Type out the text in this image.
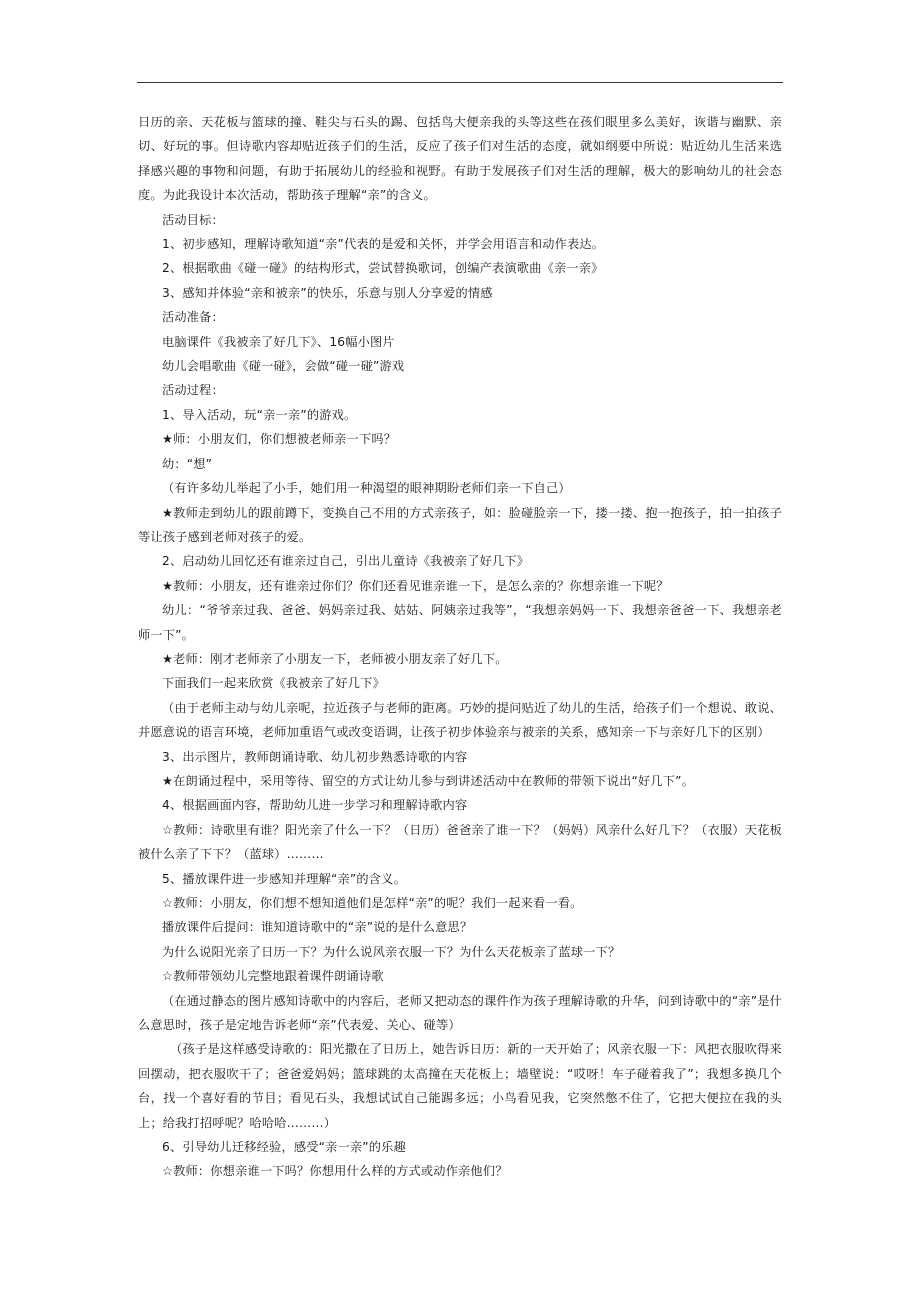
日历的亲、天花板与篮球的撞、鞋尖与石头的踢、包括鸟大便亲我的头等这些在孩们眼里多么美好，诙谐与幽默、亲切、好玩的事。但诗歌内容却贴近孩子们的生活，反应了孩子们对生活的态度，就如纲要中所说：贴近幼儿生活来选择感兴趣的事物和问题，有助于拓展幼儿的经验和视野。有助于发展孩子们对生活的理解，极大的影响幼儿的社会态度。为此我设计本次活动，帮助孩子理解“亲”的含义。

活动目标：

1、初步感知，理解诗歌知道“亲”代表的是爱和关怀，并学会用语言和动作表达。

2、根据歌曲《碰一碰》的结构形式，尝试替换歌词，创编产表演歌曲《亲一亲》

3、感知并体验“亲和被亲”的快乐，乐意与别人分享爱的情感

活动准备：

电脑课件《我被亲了好几下》、16幅小图片

幼儿会唱歌曲《碰一碰》，会做“碰一碰”游戏

活动过程：

1、导入活动，玩“亲一亲”的游戏。

★师：小朋友们，你们想被老师亲一下吗？

幼：“想”

（有许多幼儿举起了小手，她们用一种渴望的眼神期盼老师们亲一下自己）

★教师走到幼儿的跟前蹲下，变换自己不用的方式亲孩子，如：脸碰脸亲一下，搂一搂、抱一抱孩子，拍一拍孩子等让孩子感到老师对孩子的爱。

2、启动幼儿回忆还有谁亲过自己，引出儿童诗《我被亲了好几下》

★教师：小朋友，还有谁亲过你们？你们还看见谁亲谁一下，是怎么亲的？你想亲谁一下呢？

幼儿：“爷爷亲过我、爸爸、妈妈亲过我、姑姑、阿姨亲过我等”，“我想亲妈妈一下、我想亲爸爸一下、我想亲老师一下”。

★老师：刚才老师亲了小朋友一下，老师被小朋友亲了好几下。

下面我们一起来欣赏《我被亲了好几下》

（由于老师主动与幼儿亲呢，拉近孩子与老师的距离。巧妙的提问贴近了幼儿的生活，给孩子们一个想说、敢说、并愿意说的语言环境，老师加重语气或改变语调，让孩子初步体验亲与被亲的关系，感知亲一下与亲好几下的区别）

3、出示图片，教师朗诵诗歌、幼儿初步熟悉诗歌的内容

★在朗诵过程中，采用等待、留空的方式让幼儿参与到讲述活动中在教师的带领下说出“好几下”。

4、根据画面内容，帮助幼儿进一步学习和理解诗歌内容

☆教师：诗歌里有谁？阳光亲了什么一下？（日历）爸爸亲了谁一下？（妈妈）风亲什么好几下？（衣服）天花板被什么亲了下下？（蓝球）………

5、播放课件进一步感知并理解“亲”的含义。

☆教师：小朋友，你们想不想知道他们是怎样“亲”的呢？我们一起来看一看。

播放课件后提问：谁知道诗歌中的“亲”说的是什么意思？

为什么说阳光亲了日历一下？为什么说风亲衣服一下？为什么天花板亲了蓝球一下？

☆教师带领幼儿完整地跟着课件朗诵诗歌

（在通过静态的图片感知诗歌中的内容后，老师又把动态的课件作为孩子理解诗歌的升华，问到诗歌中的“亲”是什么意思时，孩子是定地告诉老师“亲”代表爱、关心、碰等）

（孩子是这样感受诗歌的：阳光撒在了日历上，她告诉日历：新的一天开始了；风亲衣服一下：风把衣服吹得来回摆动，把衣服吹干了；爸爸爱妈妈；篮球跳的太高撞在天花板上；墙壁说：“哎呀！车子碰着我了”；我想多换几个台，找一个喜好看的节目；看见石头，我想试试自己能踢多远；小鸟看见我，它突然憋不住了，它把大便拉在我的头上；给我打招呼呢？哈哈哈………）

6、引导幼儿迁移经验，感受“亲一亲”的乐趣

☆教师：你想亲谁一下吗？你想用什么样的方式或动作亲他们？
